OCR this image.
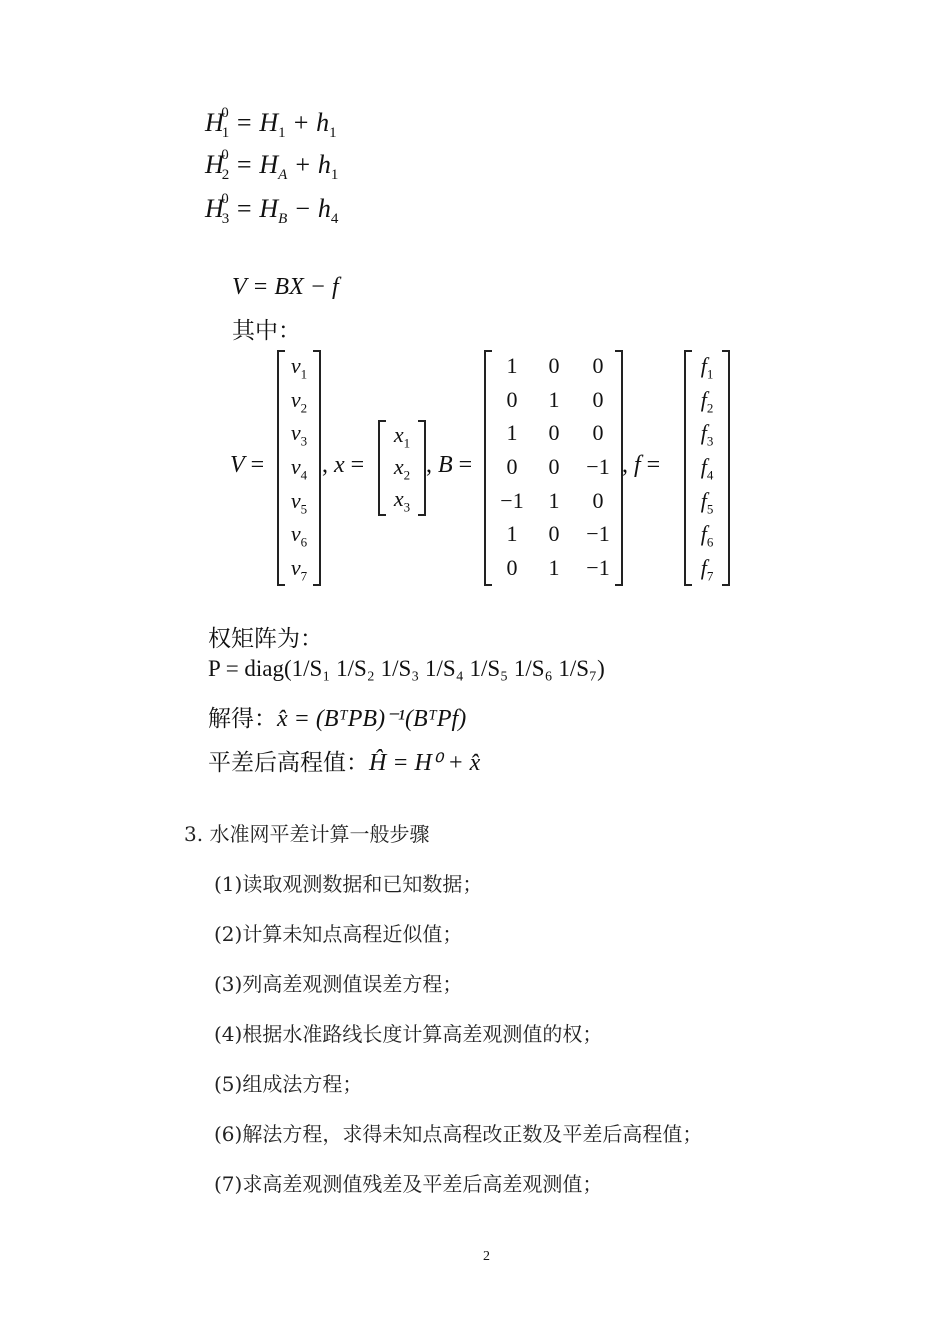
$H_1^0 = H_1 + h_1$
$H_2^0 = H_A + h_1$
$H_3^0 = H_B - h_4$
V = BX − f
其中：
V =
$v_1$
$v_2$
$v_3$
$v_4$
$v_5$
$v_6$
$v_7$
, x =
$x_1$
$x_2$
$x_3$
, B =
1	0	0
0	1	0
1	0	0
0	0	−1
−1	1	0
1	0	−1
0	1	−1
, f =
$f_1$
$f_2$
$f_3$
$f_4$
$f_5$
$f_6$
$f_7$
权矩阵为：
P = diag(1/S₁ 1/S₂ 1/S₃ 1/S₄ 1/S₅ 1/S₆ 1/S₇)
解得：x̂ = (BᵀPB)⁻¹(BᵀPf)
平差后高程值：Ĥ = H⁰ + x̂
3. 水准网平差计算一般步骤
(1)读取观测数据和已知数据；
(2)计算未知点高程近似值；
(3)列高差观测值误差方程；
(4)根据水准路线长度计算高差观测值的权；
(5)组成法方程；
(6)解法方程，求得未知点高程改正数及平差后高程值；
(7)求高差观测值残差及平差后高差观测值；
2
